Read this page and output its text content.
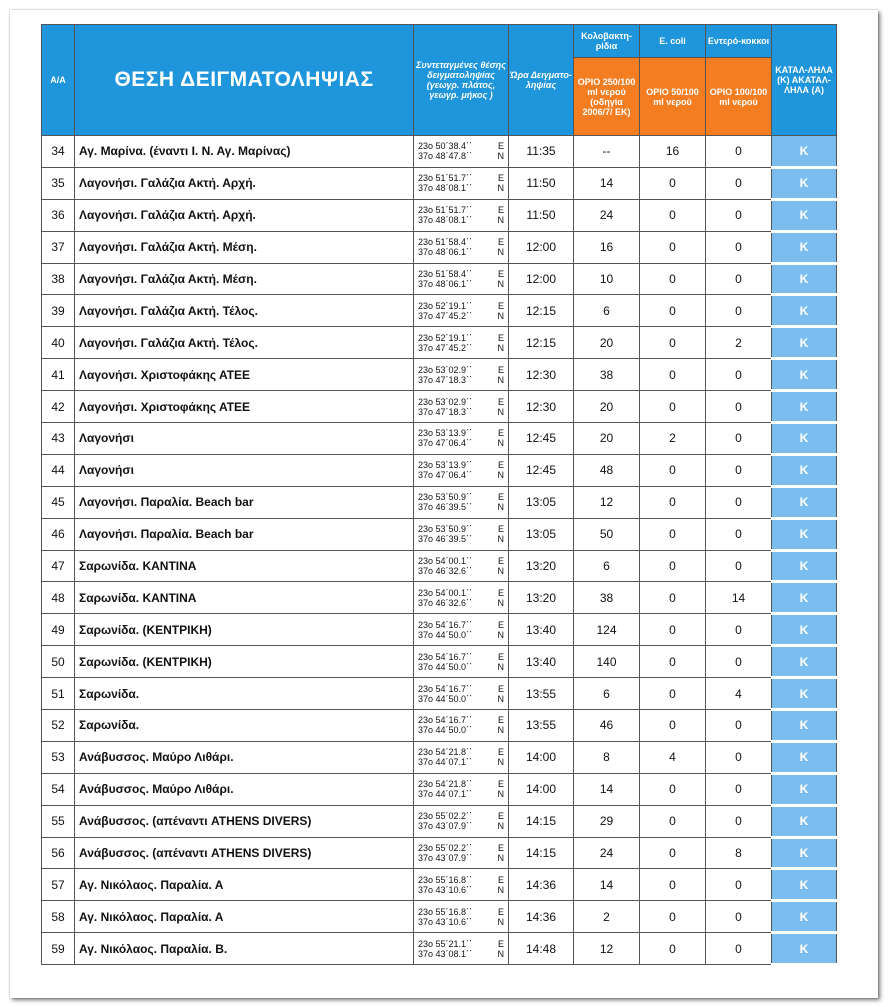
Α/Α	ΘΕΣΗ ΔΕΙΓΜΑΤΟΛΗΨΙΑΣ	Συντεταγμένες θέσης δειγματοληψίας (γεωγρ. πλάτος, γεωγρ. μήκος )	Ώρα Δειγματο-ληψίας	Κολοβακτη-ρίδια	E. coli	Εντερό-κοκκοι	ΚΑΤΑΛ-ΛΗΛΑ (Κ) ΑΚΑΤΑΛ-ΛΗΛΑ (Α)
				ΟΡΙΟ 250/100 ml νερού (οδηγία 2006/7/ ΕΚ)	ΟΡΙΟ 50/100 ml νερού	ΟΡΙΟ 100/100 ml νερού	
34	Αγ. Μαρίνα. (έναντι Ι. Ν. Αγ. Μαρίνας)	23ο 50΄38.4΄΄ Ε
37ο 48΄47.8΄΄ Ν	11:35	--	16	0	Κ
35	Λαγονήσι. Γαλάζια Ακτή. Αρχή.	23ο 51΄51.7΄΄ Ε
37ο 48΄08.1΄΄ Ν	11:50	14	0	0	Κ
36	Λαγονήσι. Γαλάζια Ακτή. Αρχή.	23ο 51΄51.7΄΄ Ε
37ο 48΄08.1΄΄ Ν	11:50	24	0	0	Κ
37	Λαγονήσι. Γαλάζια Ακτή. Μέση.	23ο 51΄58.4΄΄ Ε
37ο 48΄06.1΄΄ Ν	12:00	16	0	0	Κ
38	Λαγονήσι. Γαλάζια Ακτή. Μέση.	23ο 51΄58.4΄΄ Ε
37ο 48΄06.1΄΄ Ν	12:00	10	0	0	Κ
39	Λαγονήσι. Γαλάζια Ακτή. Τέλος.	23ο 52΄19.1΄΄ Ε
37ο 47΄45.2΄΄ Ν	12:15	6	0	0	Κ
40	Λαγονήσι. Γαλάζια Ακτή. Τέλος.	23ο 52΄19.1΄΄ Ε
37ο 47΄45.2΄΄ Ν	12:15	20	0	2	Κ
41	Λαγονήσι. Χριστοφάκης ΑΤΕΕ	23ο 53΄02.9΄΄ Ε
37ο 47΄18.3΄΄ Ν	12:30	38	0	0	Κ
42	Λαγονήσι. Χριστοφάκης ΑΤΕΕ	23ο 53΄02.9΄΄ Ε
37ο 47΄18.3΄΄ Ν	12:30	20	0	0	Κ
43	Λαγονήσι	23ο 53΄13.9΄΄ Ε
37ο 47΄06.4΄΄ Ν	12:45	20	2	0	Κ
44	Λαγονήσι	23ο 53΄13.9΄΄ Ε
37ο 47΄06.4΄΄ Ν	12:45	48	0	0	Κ
45	Λαγονήσι. Παραλία. Beach bar	23ο 53΄50.9΄΄ Ε
37ο 46΄39.5΄΄ Ν	13:05	12	0	0	Κ
46	Λαγονήσι. Παραλία. Beach bar	23ο 53΄50.9΄΄ Ε
37ο 46΄39.5΄΄ Ν	13:05	50	0	0	Κ
47	Σαρωνίδα. ΚΑΝΤΙΝΑ	23ο 54΄00.1΄΄ Ε
37ο 46΄32.6΄΄ Ν	13:20	6	0	0	Κ
48	Σαρωνίδα. ΚΑΝΤΙΝΑ	23ο 54΄00.1΄΄ Ε
37ο 46΄32.6΄΄ Ν	13:20	38	0	14	Κ
49	Σαρωνίδα. (ΚΕΝΤΡΙΚΗ)	23ο 54΄16.7΄΄ Ε
37ο 44΄50.0΄΄ Ν	13:40	124	0	0	Κ
50	Σαρωνίδα. (ΚΕΝΤΡΙΚΗ)	23ο 54΄16.7΄΄ Ε
37ο 44΄50.0΄΄ Ν	13:40	140	0	0	Κ
51	Σαρωνίδα.	23ο 54΄16.7΄΄ Ε
37ο 44΄50.0΄΄ Ν	13:55	6	0	4	Κ
52	Σαρωνίδα.	23ο 54΄16.7΄΄ Ε
37ο 44΄50.0΄΄ Ν	13:55	46	0	0	Κ
53	Ανάβυσσος. Μαύρο Λιθάρι.	23ο 54΄21.8΄΄ Ε
37ο 44΄07.1΄΄ Ν	14:00	8	4	0	Κ
54	Ανάβυσσος. Μαύρο Λιθάρι.	23ο 54΄21.8΄΄ Ε
37ο 44΄07.1΄΄ Ν	14:00	14	0	0	Κ
55	Ανάβυσσος. (απέναντι ATHENS DIVERS)	23ο 55΄02.2΄΄ Ε
37ο 43΄07.9΄΄ Ν	14:15	29	0	0	Κ
56	Ανάβυσσος. (απέναντι ATHENS DIVERS)	23ο 55΄02.2΄΄ Ε
37ο 43΄07.9΄΄ Ν	14:15	24	0	8	Κ
57	Αγ. Νικόλαος. Παραλία. Α	23ο 55΄16.8΄΄ Ε
37ο 43΄10.6΄΄ Ν	14:36	14	0	0	Κ
58	Αγ. Νικόλαος. Παραλία. Α	23ο 55΄16.8΄΄ Ε
37ο 43΄10.6΄΄ Ν	14:36	2	0	0	Κ
59	Αγ. Νικόλαος. Παραλία. Β.	23ο 55΄21.1΄΄ Ε
37ο 43΄08.1΄΄ Ν	14:48	12	0	0	Κ
